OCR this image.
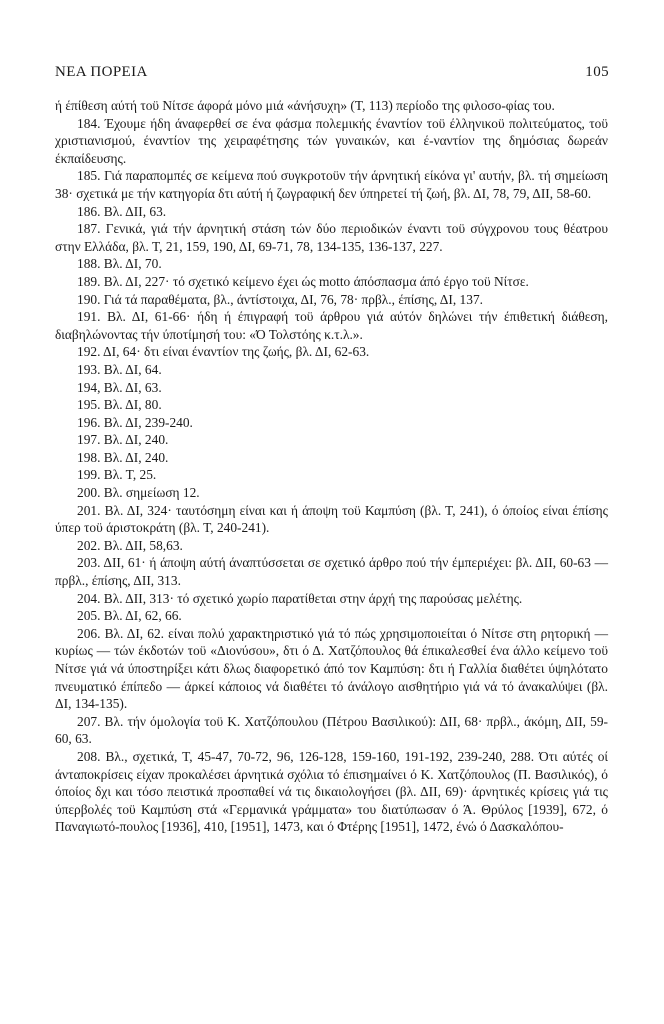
ΝΕΑ ΠΟΡΕΙΑ	105

ή έπίθεση αύτή τοϋ Νίτσε άφορά μόνο μιά «άνήσυχη» (Τ, 113) περίοδο της φιλοσο-φίας του.

184. Έχουμε ήδη άναφερθεί σε ένα φάσμα πολεμικής έναντίον τοϋ έλληνικοϋ πολιτεύματος, τοϋ χριστιανισμού, έναντίον της χειραφέτησης τών γυναικών, και έ-ναντίον της δημόσιας δωρεάν έκπαίδευσης.

185. Γιά παραπομπές σε κείμενα πού συγκροτοϋν τήν άρνητική είκόνα γι' αυτήν, βλ. τή σημείωση 38· σχετικά με τήν κατηγορία δτι αύτή ή ζωγραφική δεν ύπηρετεί τή ζωή, βλ. ΔΙ, 78, 79, ΔΙΙ, 58-60.

186. Βλ. ΔΙΙ, 63.

187. Γενικά, γιά τήν άρνητική στάση τών δύο περιοδικών έναντι τοϋ σύγχρονου τους θέατρου στην Ελλάδα, βλ. Τ, 21, 159, 190, ΔΙ, 69-71, 78, 134-135, 136-137, 227.

188. Βλ. ΔΙ, 70.

189. Βλ. ΔΙ, 227· τό σχετικό κείμενο έχει ώς motto άπόσπασμα άπό έργο τοϋ Νίτσε.

190. Γιά τά παραθέματα, βλ., άντίστοιχα, ΔΙ, 76, 78· πρβλ., έπίσης, ΔΙ, 137.

191. Βλ. ΔΙ, 61-66· ήδη ή έπιγραφή τοϋ άρθρου γιά αύτόν δηλώνει τήν έπιθετική διάθεση, διαβηλώνοντας τήν ύποτίμησή του: «Ό Τολστόης κ.τ.λ.».

192. ΔΙ, 64· δτι είναι έναντίον της ζωής, βλ. ΔΙ, 62-63.

193. Βλ. ΔΙ, 64.

194, Βλ. ΔΙ, 63.

195. Βλ. ΔΙ, 80.

196. Βλ. ΔΙ, 239-240.

197. Βλ. ΔΙ, 240.

198. Βλ. ΔΙ, 240.

199. Βλ. Τ, 25.

200. Βλ. σημείωση 12.

201. Βλ. ΔΙ, 324· ταυτόσημη είναι και ή άποψη τοϋ Καμπύση (βλ. Τ, 241), ό όποίος είναι έπίσης ύπερ τοϋ άριστοκράτη (βλ. Τ, 240-241).

202. Βλ. ΔΙΙ, 58,63.

203. ΔΙΙ, 61· ή άποψη αύτή άναπτύσσεται σε σχετικό άρθρο πού τήν έμπεριέχει: βλ. ΔΙΙ, 60-63 — πρβλ., έπίσης, ΔΙΙ, 313.

204. Βλ. ΔΙΙ, 313· τό σχετικό χωρίο παρατίθεται στην άρχή της παρούσας μελέτης.

205. Βλ. ΔΙ, 62, 66.

206. Βλ. ΔΙ, 62. είναι πολύ χαρακτηριστικό γιά τό πώς χρησιμοποιείται ό Νίτσε στη ρητορική — κυρίως — τών έκδοτών τοϋ «Διονύσου», δτι ό Δ. Χατζόπουλος θά έπικαλεσθεί ένα άλλο κείμενο τοϋ Νίτσε γιά νά ύποστηρίξει κάτι δλως διαφορετικό άπό τον Καμπύση: δτι ή Γαλλία διαθέτει ύψηλότατο πνευματικό έπίπεδο — άρκεί κάποιος νά διαθέτει τό άνάλογο αισθητήριο γιά νά τό άνακαλύψει (βλ. ΔΙ, 134-135).

207. Βλ. τήν όμολογία τοϋ Κ. Χατζόπουλου (Πέτρου Βασιλικού): ΔΙΙ, 68· πρβλ., άκόμη, ΔΙΙ, 59-60, 63.

208. Βλ., σχετικά, Τ, 45-47, 70-72, 96, 126-128, 159-160, 191-192, 239-240, 288. Ότι αύτές οί άνταποκρίσεις είχαν προκαλέσει άρνητικά σχόλια τό έπισημαίνει ό Κ. Χατζόπουλος (Π. Βασιλικός), ό όποίος δχι και τόσο πειστικά προσπαθεί νά τις δικαιολογήσει (βλ. ΔΙΙ, 69)· άρνητικές κρίσεις γιά τις ύπερβολές τοϋ Καμπύση στά «Γερμανικά γράμματα» του διατύπωσαν ό Ά. Θρύλος [1939], 672, ό Παναγιωτό-πουλος [1936], 410, [1951], 1473, και ό Φτέρης [1951], 1472, ένώ ό Δασκαλόπου-
